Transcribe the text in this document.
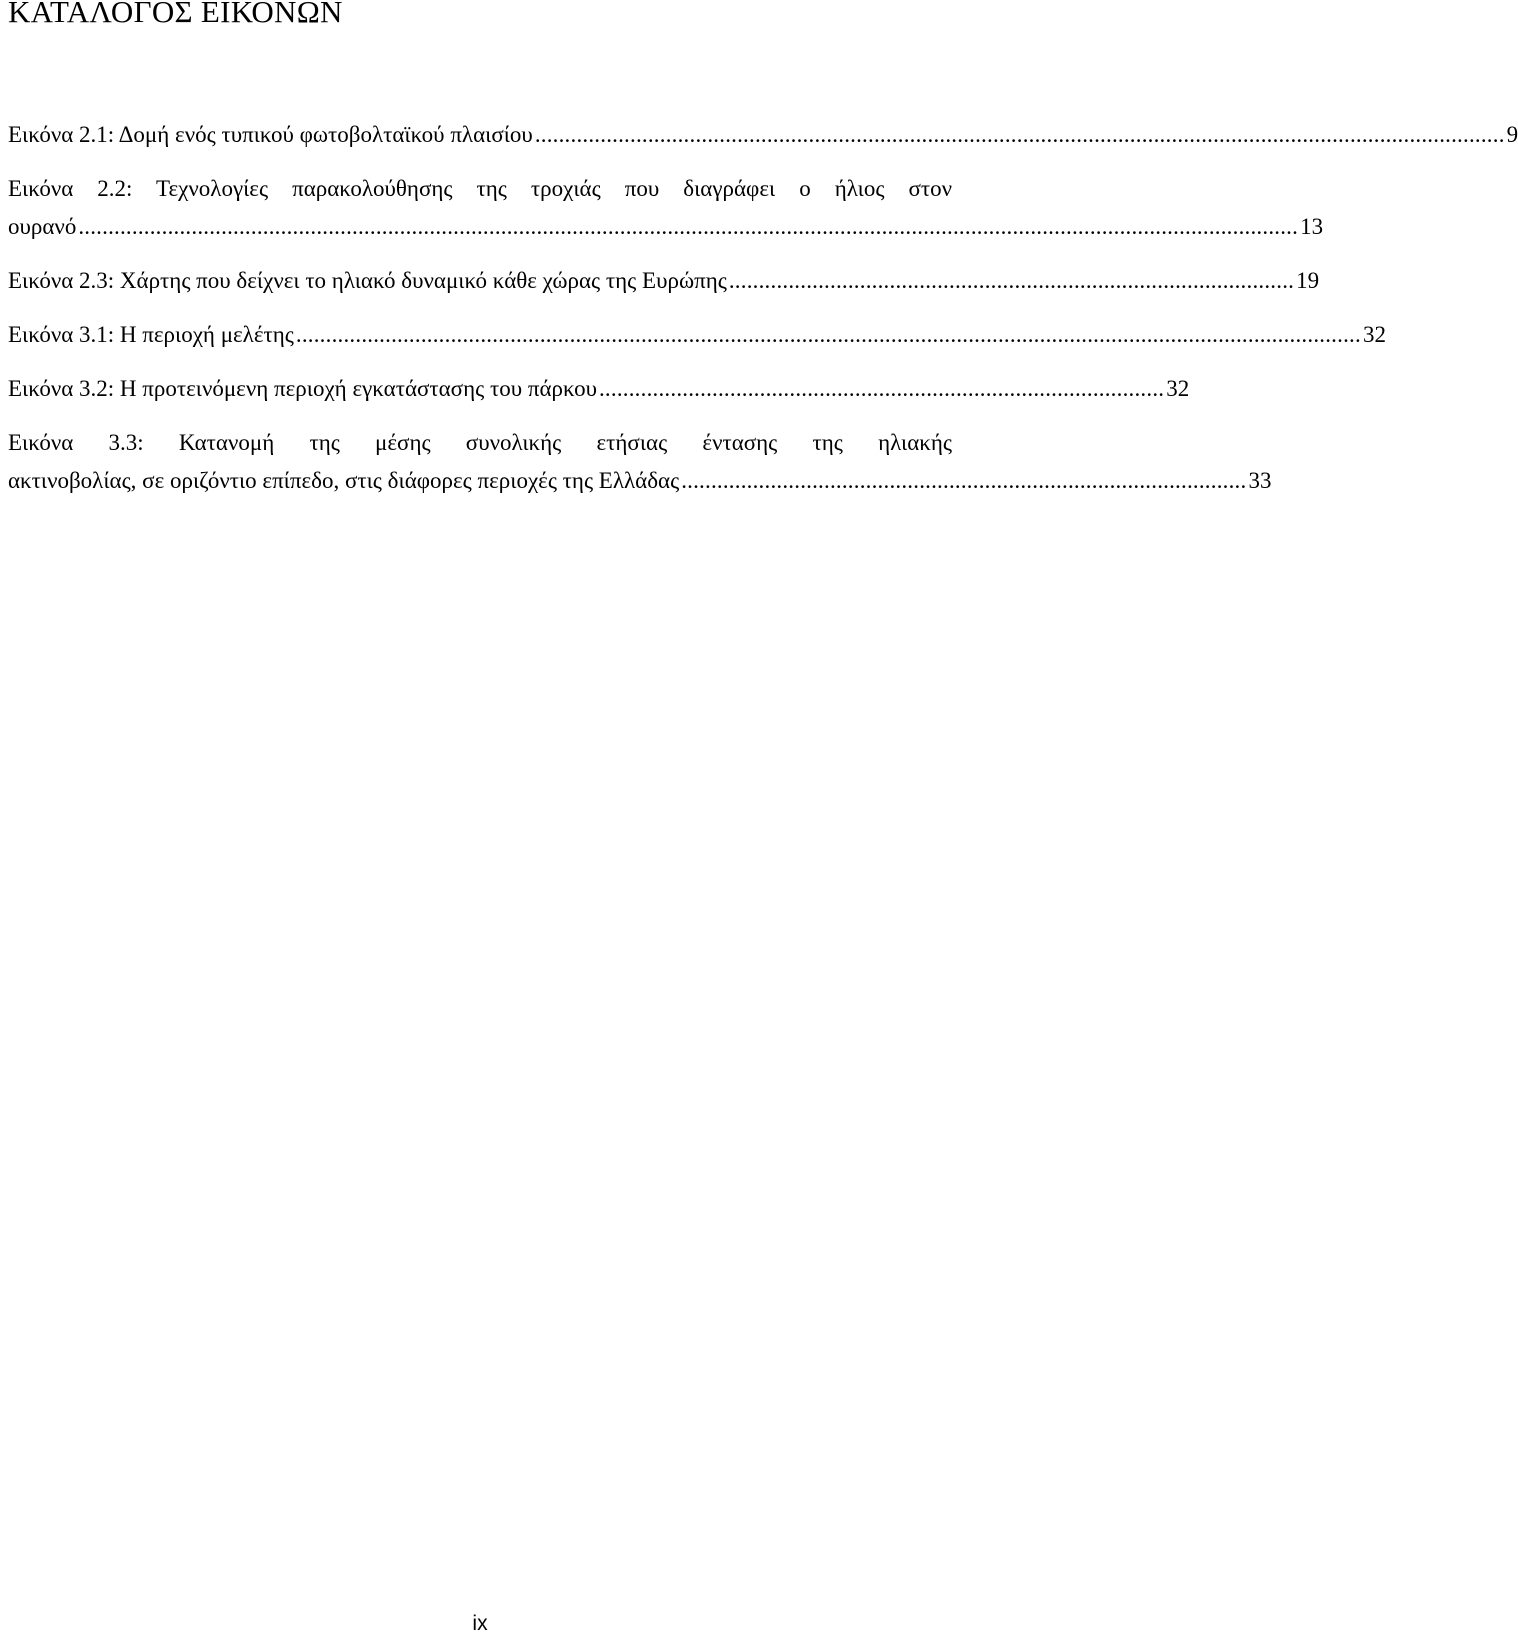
ΚΑΤΑΛΟΓΟΣ ΕΙΚΟΝΩΝ
Εικόνα 2.1: Δομή ενός τυπικού φωτοβολταϊκού πλαισίου ................................................................................................................................................................... 9
Εικόνα 2.2: Τεχνολογίες παρακολούθησης της τροχιάς που διαγράφει ο ήλιος στον
ουρανό ............................................................................................................................................................................................................. 13
Εικόνα 2.3: Χάρτης που δείχνει το ηλιακό δυναμικό κάθε χώρας της Ευρώπης ............................................................................................... 19
Εικόνα 3.1: Η περιοχή μελέτης ................................................................................................................................................................................... 32
Εικόνα 3.2: Η προτεινόμενη περιοχή εγκατάστασης του πάρκου ............................................................................................... 32
Εικόνα 3.3: Κατανομή της μέσης συνολικής ετήσιας έντασης της ηλιακής
ακτινοβολίας, σε οριζόντιο επίπεδο, στις διάφορες περιοχές της Ελλάδας ............................................................................................... 33

ix
